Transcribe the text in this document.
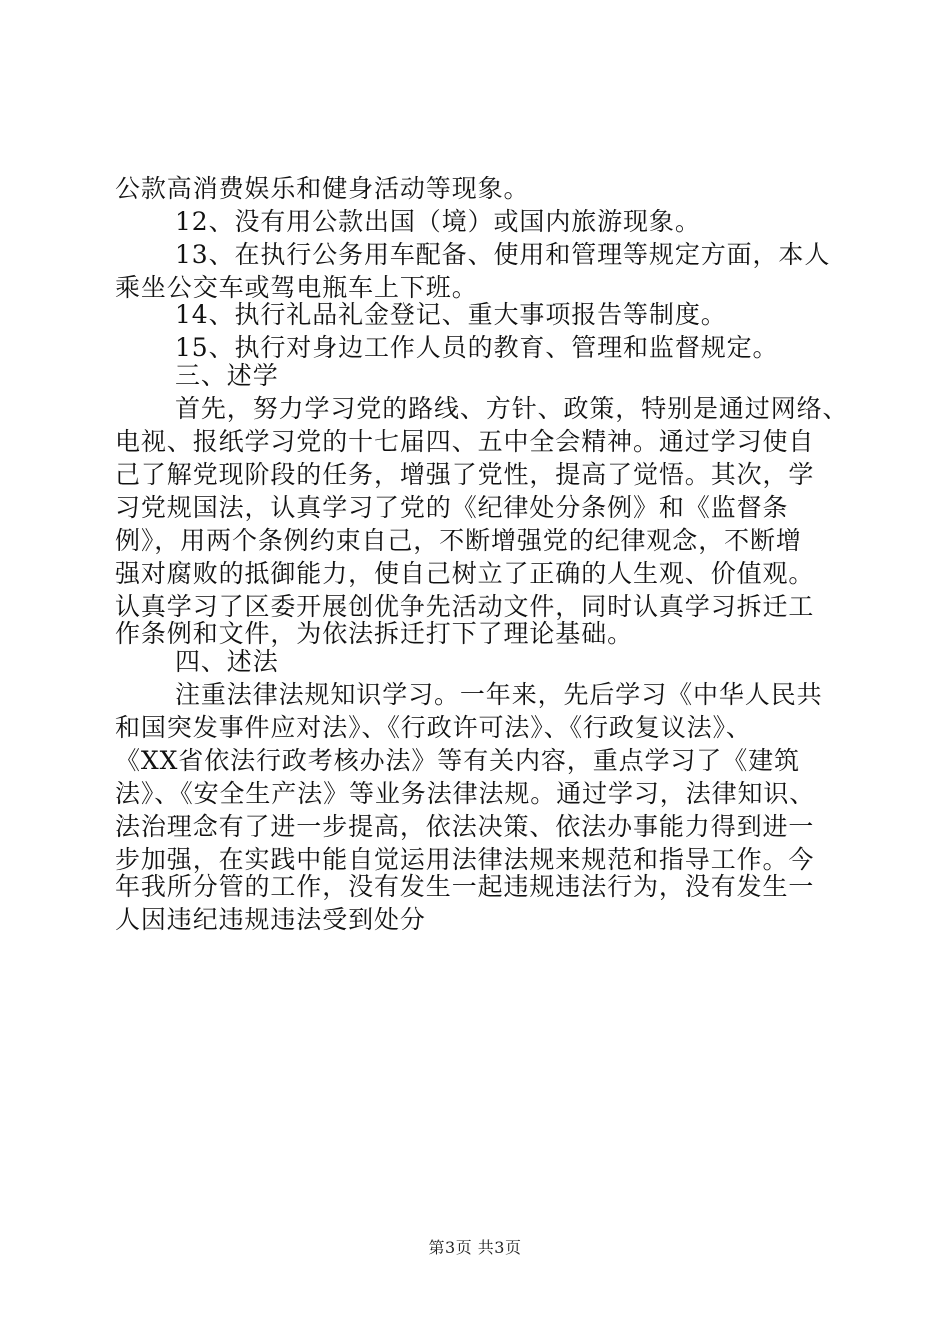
公款高消费娱乐和健身活动等现象。
12、没有用公款出国（境）或国内旅游现象。
13、在执行公务用车配备、使用和管理等规定方面，本人
乘坐公交车或驾电瓶车上下班。
14、执行礼品礼金登记、重大事项报告等制度。
15、执行对身边工作人员的教育、管理和监督规定。
三、述学
首先，努力学习党的路线、方针、政策，特别是通过网络、
电视、报纸学习党的十七届四、五中全会精神。通过学习使自
己了解党现阶段的任务，增强了党性，提高了觉悟。其次，学
习党规国法，认真学习了党的《纪律处分条例》和《监督条
例》，用两个条例约束自己，不断增强党的纪律观念，不断增
强对腐败的抵御能力，使自己树立了正确的人生观、价值观。
认真学习了区委开展创优争先活动文件，同时认真学习拆迁工
作条例和文件，为依法拆迁打下了理论基础。
四、述法
注重法律法规知识学习。一年来，先后学习《中华人民共
和国突发事件应对法》、《行政许可法》、《行政复议法》、
《XX省依法行政考核办法》等有关内容，重点学习了《建筑
法》、《安全生产法》等业务法律法规。通过学习，法律知识、
法治理念有了进一步提高，依法决策、依法办事能力得到进一
步加强，在实践中能自觉运用法律法规来规范和指导工作。今
年我所分管的工作，没有发生一起违规违法行为，没有发生一
人因违纪违规违法受到处分
第3页 共3页
